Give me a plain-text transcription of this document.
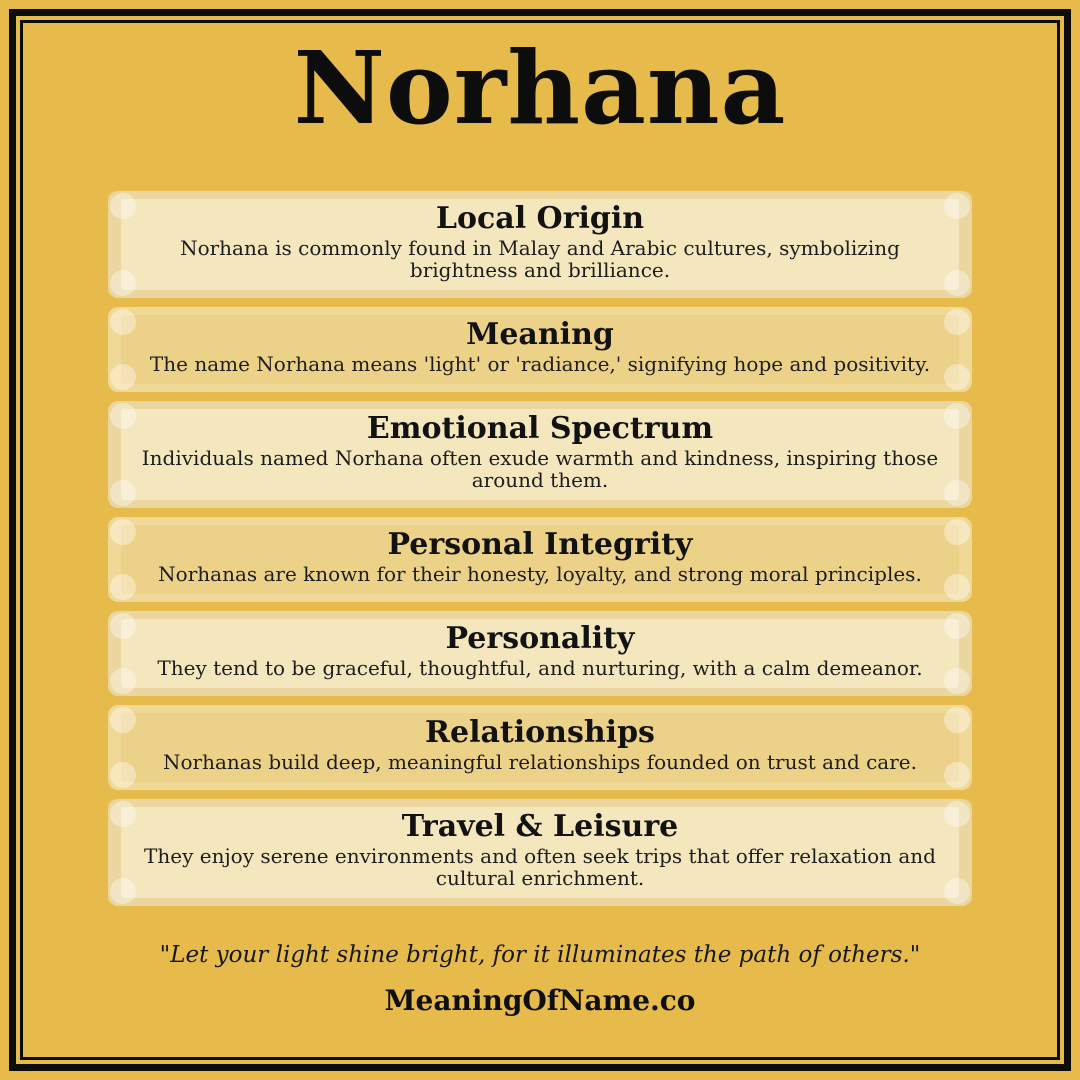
Norhana
Local Origin

Norhana is commonly found in Malay and Arabic cultures, symbolizing brightness and brilliance.

Meaning

The name Norhana means 'light' or 'radiance,' signifying hope and positivity.

Emotional Spectrum

Individuals named Norhana often exude warmth and kindness, inspiring those around them.

Personal Integrity

Norhanas are known for their honesty, loyalty, and strong moral principles.

Personality

They tend to be graceful, thoughtful, and nurturing, with a calm demeanor.

Relationships

Norhanas build deep, meaningful relationships founded on trust and care.

Travel & Leisure

They enjoy serene environments and often seek trips that offer relaxation and cultural enrichment.

"Let your light shine bright, for it illuminates the path of others."

MeaningOfName.co
